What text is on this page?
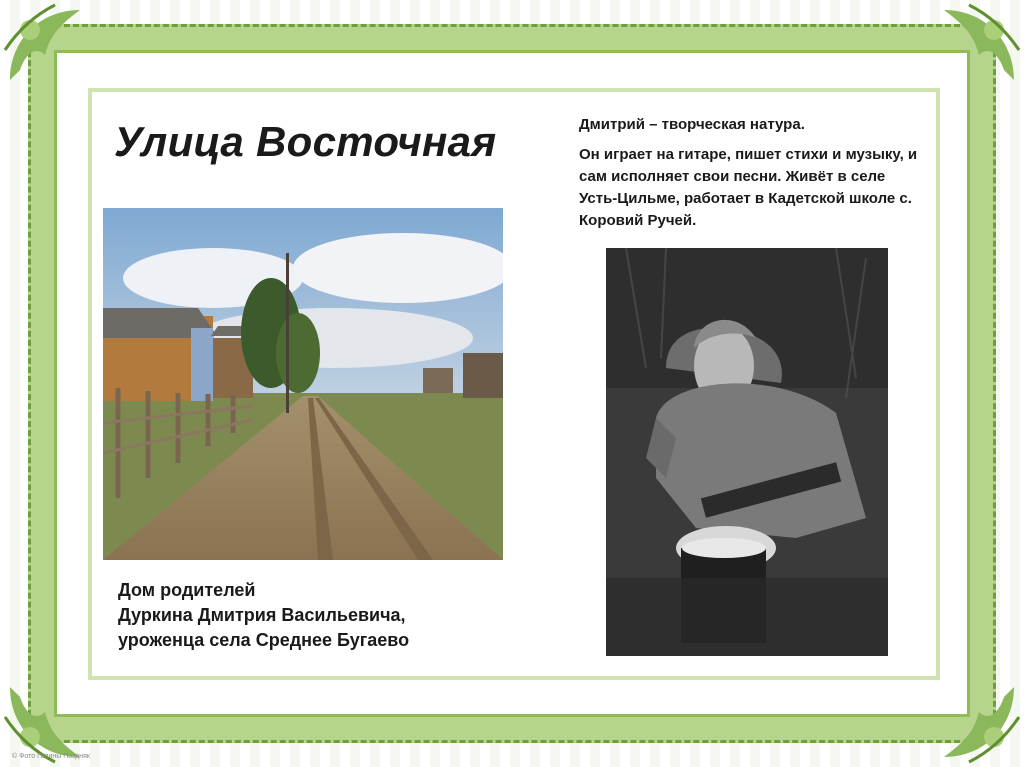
Улица Восточная
Дом родителей
Дуркина Дмитрия Васильевича,
уроженца села Среднее Бугаево

Дмитрий – творческая натура.

Он играет на гитаре, пишет стихи и музыку, и сам исполняет свои песни. Живёт в селе Усть-Цильме, работает в Кадетской школе с. Коровий Ручей.

© Фото Галины Поздняк
